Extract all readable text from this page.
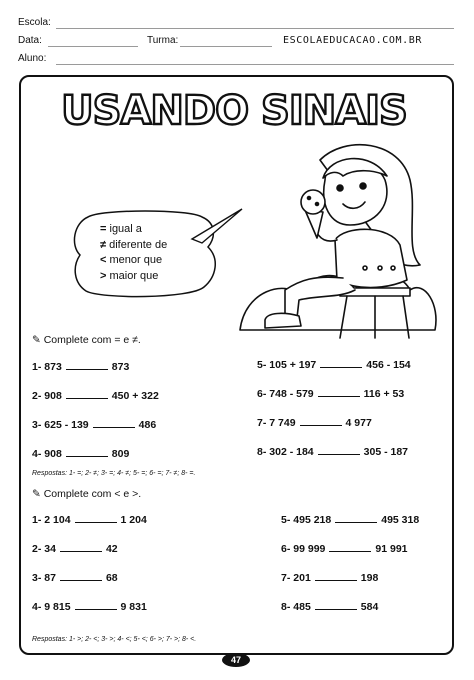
Escola:
Data:	Turma:	ESCOLAEDUCACAO.COM.BR
Aluno:
USANDO SINAIS
= igual a
≠ diferente de
< menor que
> maior que
✎ Complete com = e ≠.
1- 873	873
2- 908	450 + 322
3- 625 - 139	486
4- 908	809
5- 105 + 197	456 - 154
6- 748 - 579	116 + 53
7- 7 749	4 977
8- 302 - 184	305 - 187
Respostas: 1- =; 2- ≠; 3- =; 4- ≠; 5- =; 6- =; 7- ≠; 8- =.
✎ Complete com < e >.
1- 2 104	1 204
2- 34	42
3- 87	68
4- 9 815	9 831
5- 495 218	495 318
6- 99 999	91 991
7- 201	198
8- 485	584
Respostas: 1- >; 2- <; 3- >; 4- <; 5- <; 6- >; 7- >; 8- <.
47
